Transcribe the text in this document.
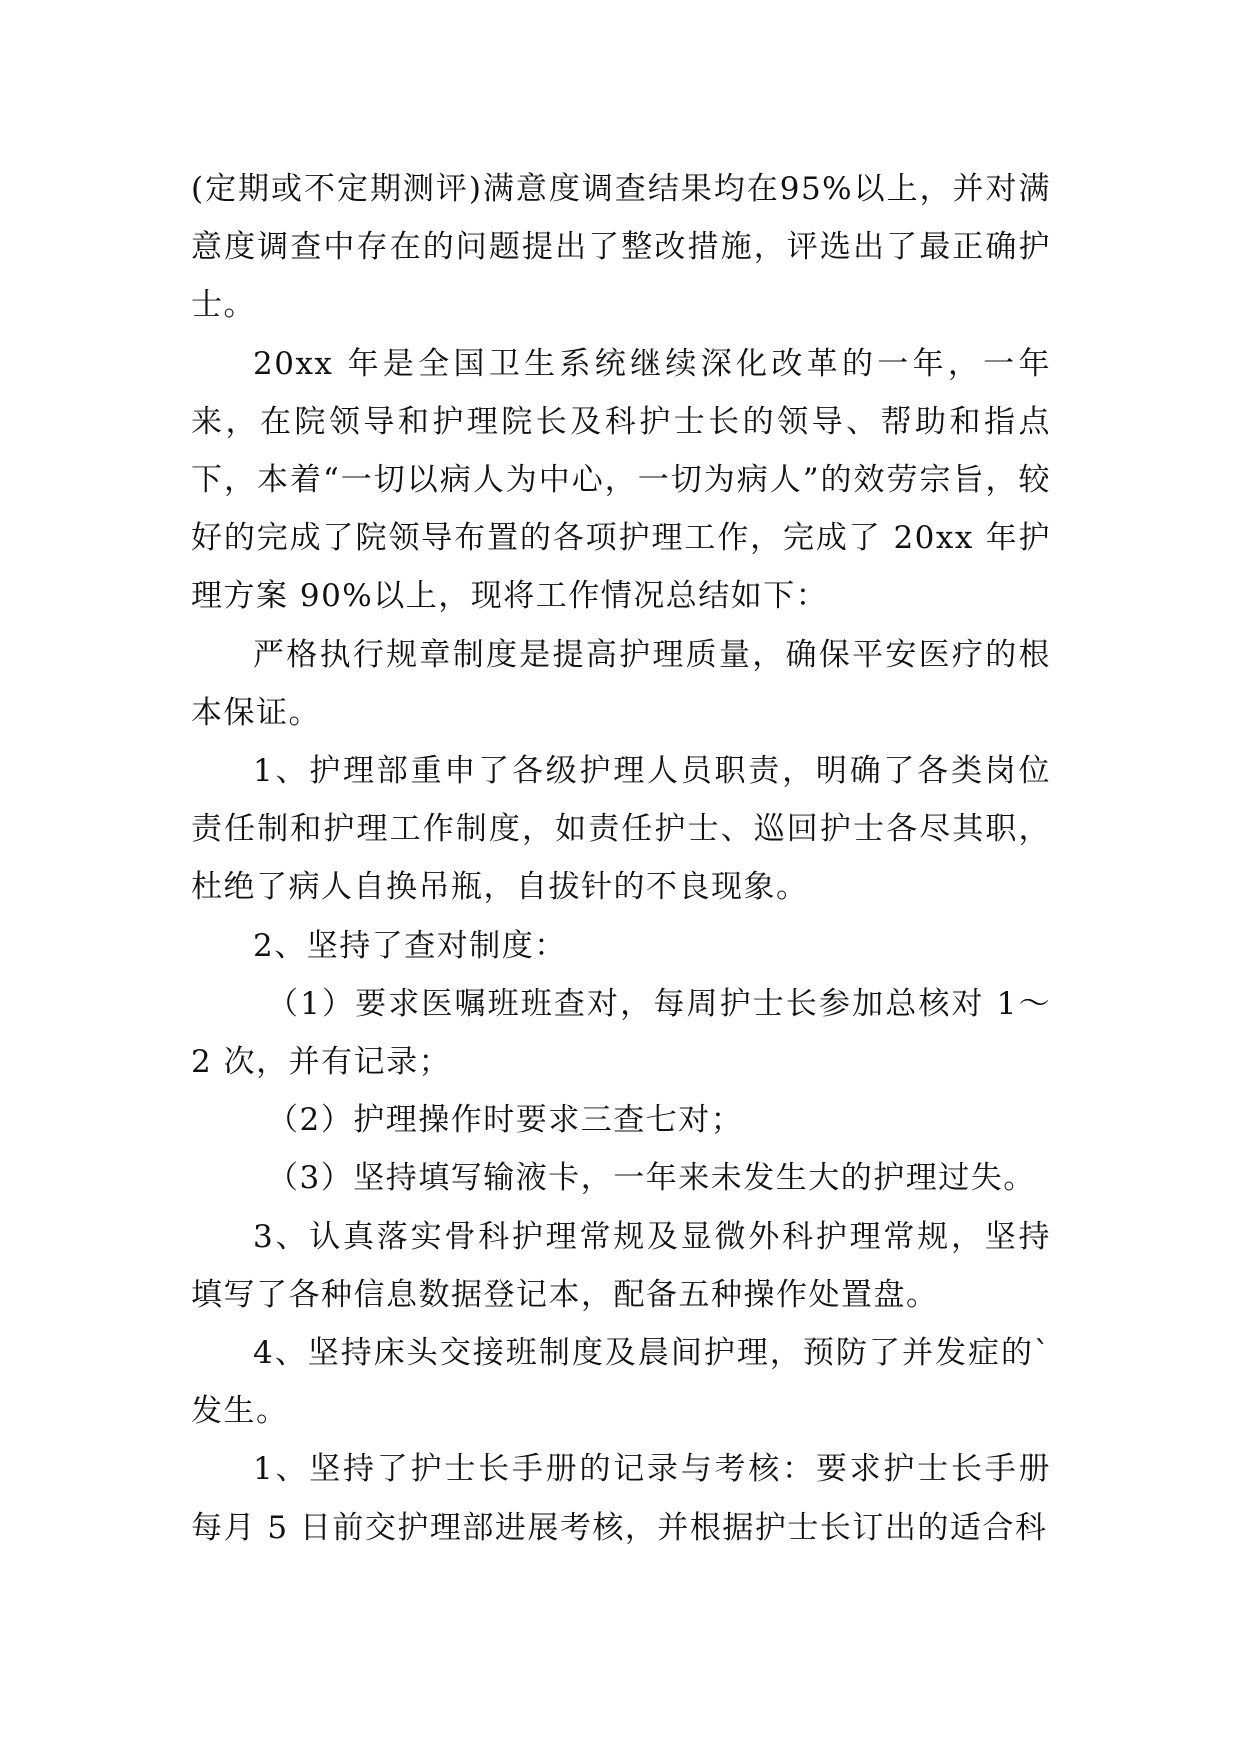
(定期或不定期测评)满意度调查结果均在95%以上，并对满意度调查中存在的问题提出了整改措施，评选出了最正确护士。

20xx 年是全国卫生系统继续深化改革的一年，一年来，在院领导和护理院长及科护士长的领导、帮助和指点下，本着“一切以病人为中心，一切为病人”的效劳宗旨，较好的完成了院领导布置的各项护理工作，完成了 20xx 年护理方案 90%以上，现将工作情况总结如下：

严格执行规章制度是提高护理质量，确保平安医疗的根本保证。

1、护理部重申了各级护理人员职责，明确了各类岗位责任制和护理工作制度，如责任护士、巡回护士各尽其职，杜绝了病人自换吊瓶，自拔针的不良现象。

2、坚持了查对制度：

（1）要求医嘱班班查对，每周护士长参加总核对 1～2 次，并有记录；

（2）护理操作时要求三查七对；

（3）坚持填写输液卡，一年来未发生大的护理过失。

3、认真落实骨科护理常规及显微外科护理常规，坚持填写了各种信息数据登记本，配备五种操作处置盘。

4、坚持床头交接班制度及晨间护理，预防了并发症的`发生。

1、坚持了护士长手册的记录与考核：要求护士长手册每月 5 日前交护理部进展考核，并根据护士长订出的适合科
